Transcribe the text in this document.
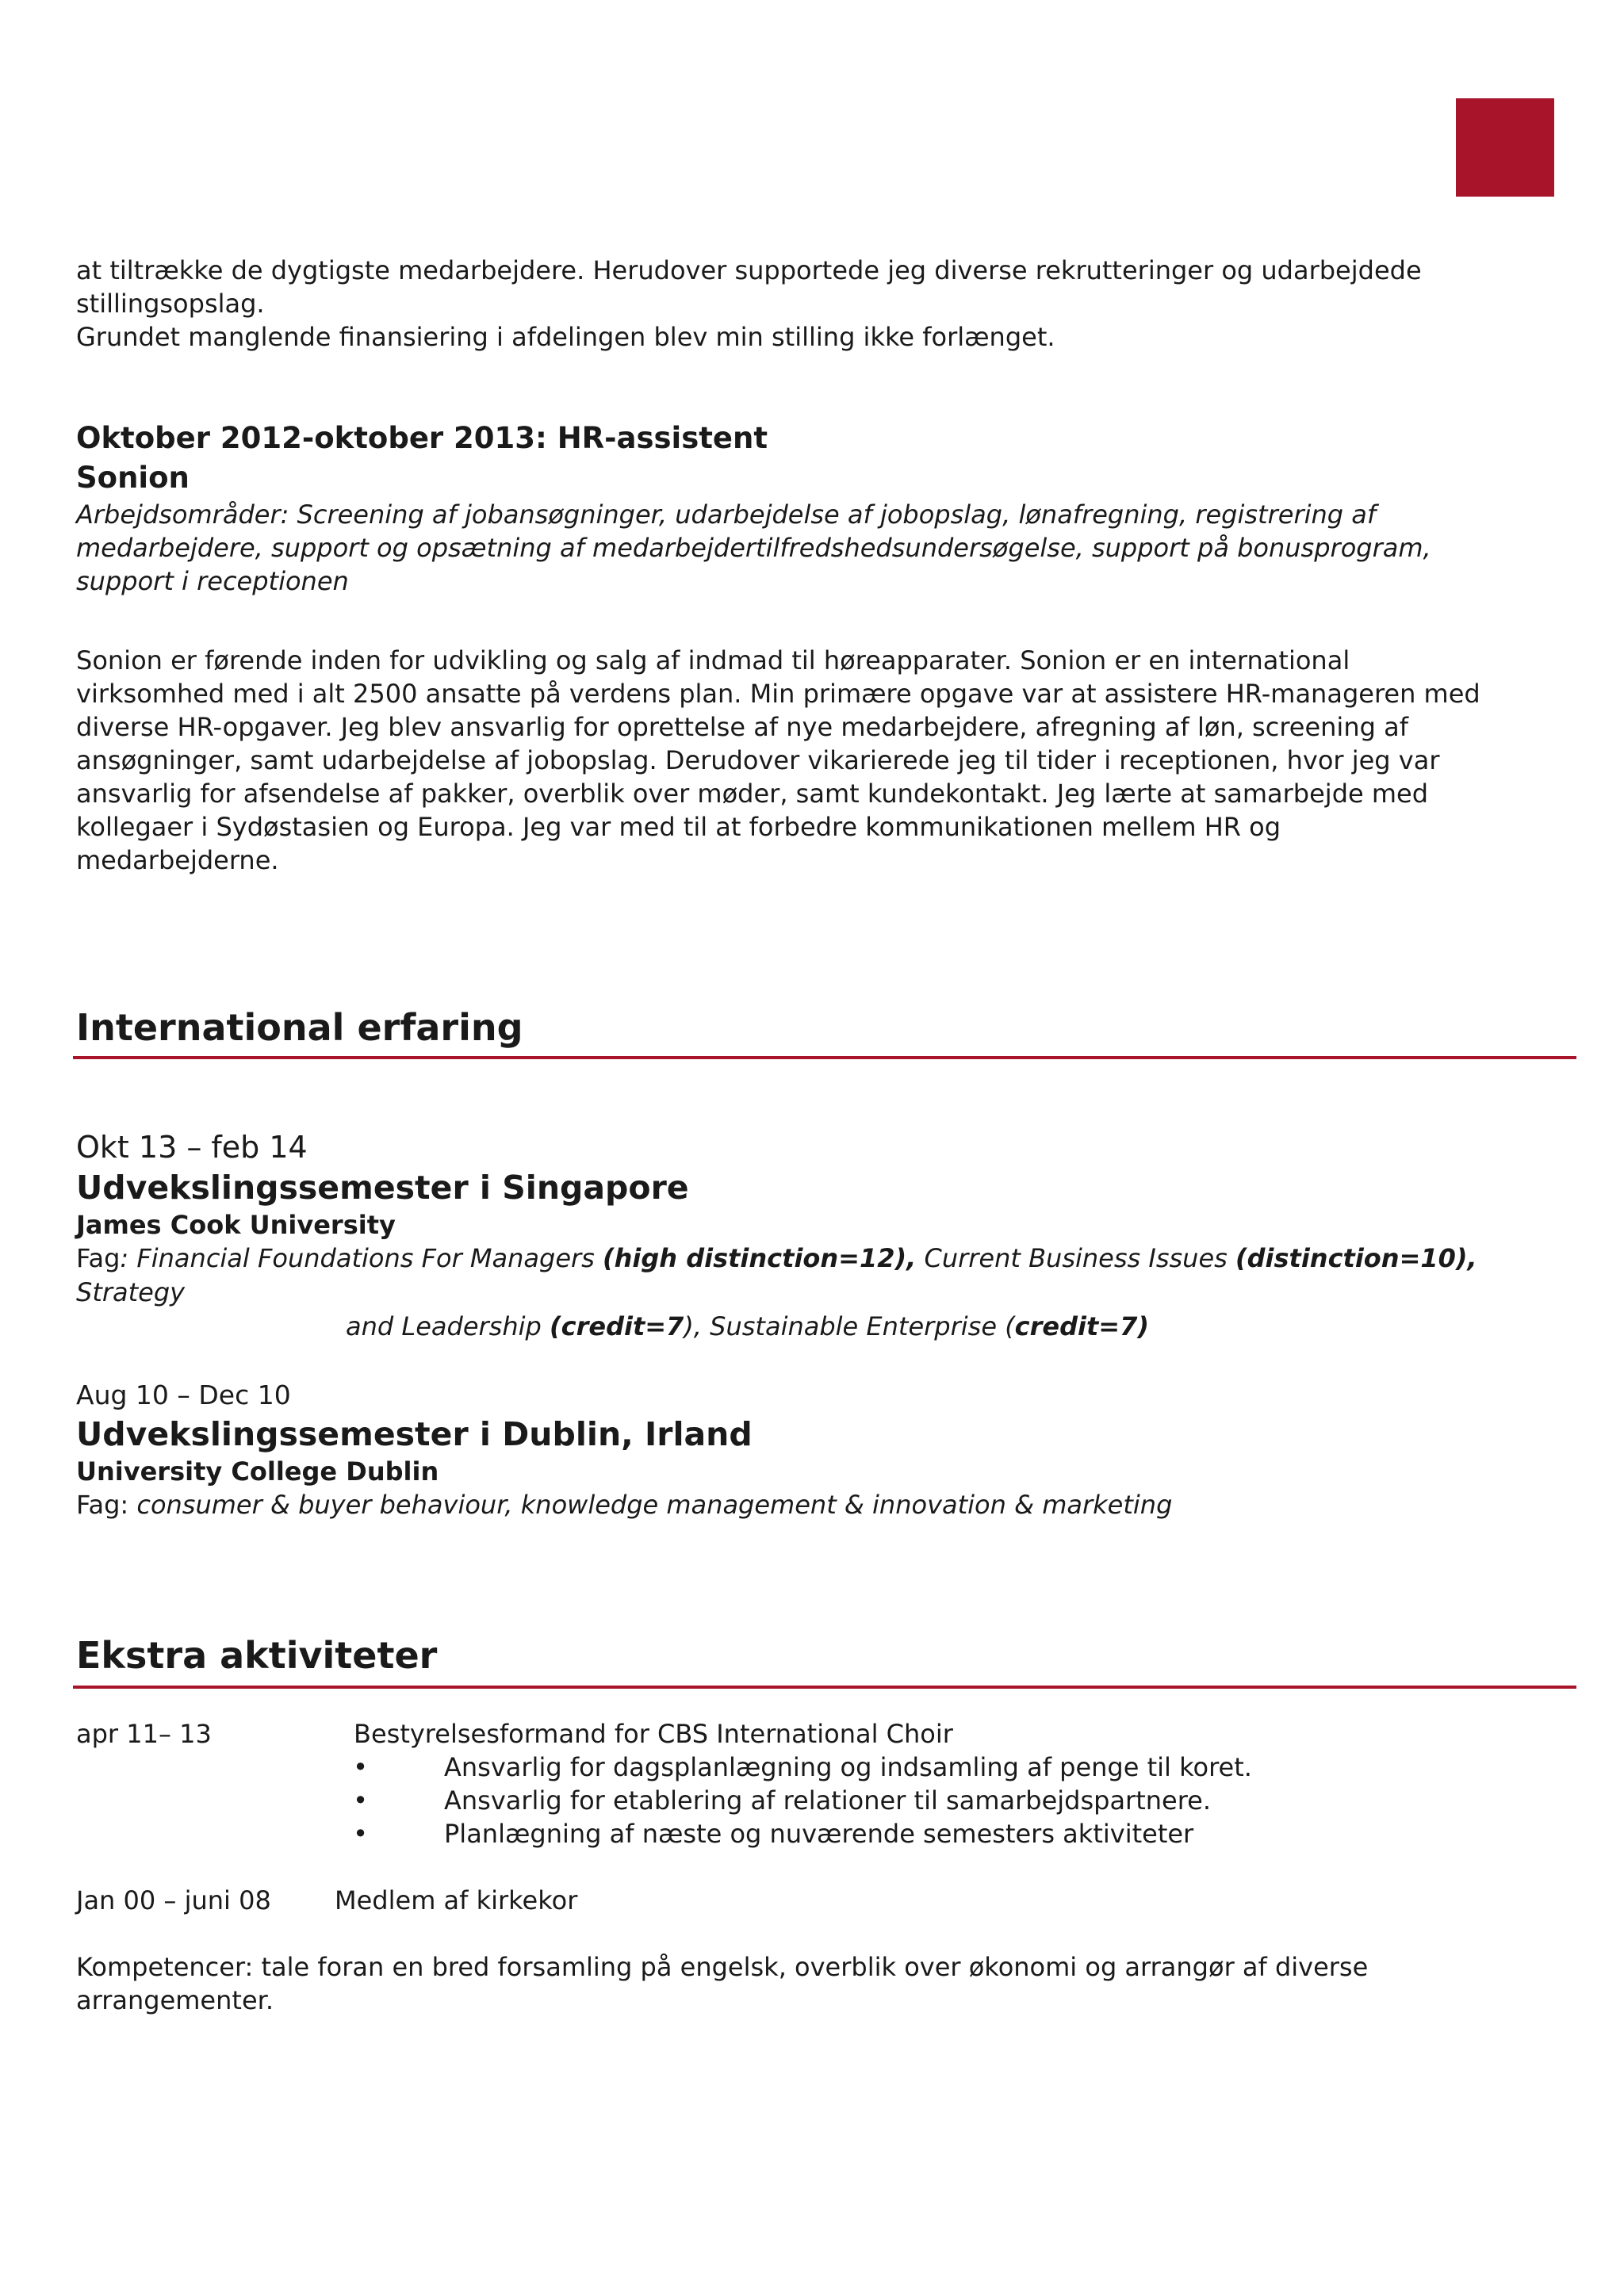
at tiltrække de dygtigste medarbejdere. Herudover supportede jeg diverse rekrutteringer og udarbejdede

stillingsopslag.

Grundet manglende finansiering i afdelingen blev min stilling ikke forlænget.

Oktober 2012-oktober 2013: HR-assistent

Sonion

Arbejdsområder: Screening af jobansøgninger, udarbejdelse af jobopslag, lønafregning, registrering af

medarbejdere, support og opsætning af medarbejdertilfredshedsundersøgelse, support på bonusprogram,

support i receptionen

Sonion er førende inden for udvikling og salg af indmad til høreapparater. Sonion er en international

virksomhed med i alt 2500 ansatte på verdens plan. Min primære opgave var at assistere HR-manageren med

diverse HR-opgaver. Jeg blev ansvarlig for oprettelse af nye medarbejdere, afregning af løn, screening af

ansøgninger, samt udarbejdelse af jobopslag. Derudover vikarierede jeg til tider i receptionen, hvor jeg var

ansvarlig for afsendelse af pakker, overblik over møder, samt kundekontakt. Jeg lærte at samarbejde med

kollegaer i Sydøstasien og Europa. Jeg var med til at forbedre kommunikationen mellem HR og

medarbejderne.

International erfaring

Okt 13 – feb 14

Udvekslingssemester i Singapore

James Cook University

Fag: Financial Foundations For Managers (high distinction=12), Current Business Issues (distinction=10), Strategy

and Leadership (credit=7), Sustainable Enterprise (credit=7)

Aug 10 – Dec 10

Udvekslingssemester i Dublin, Irland

University College Dublin

Fag: consumer & buyer behaviour, knowledge management & innovation & marketing

Ekstra aktiviteter

apr 11– 13	Bestyrelsesformand for CBS International Choir
•	Ansvarlig for dagsplanlægning og indsamling af penge til koret.
•	Ansvarlig for etablering af relationer til samarbejdspartnere.
•	Planlægning af næste og nuværende semesters aktiviteter
Jan 00 – juni 08	Medlem af kirkekor

Kompetencer: tale foran en bred forsamling på engelsk, overblik over økonomi og arrangør af diverse

arrangementer.
